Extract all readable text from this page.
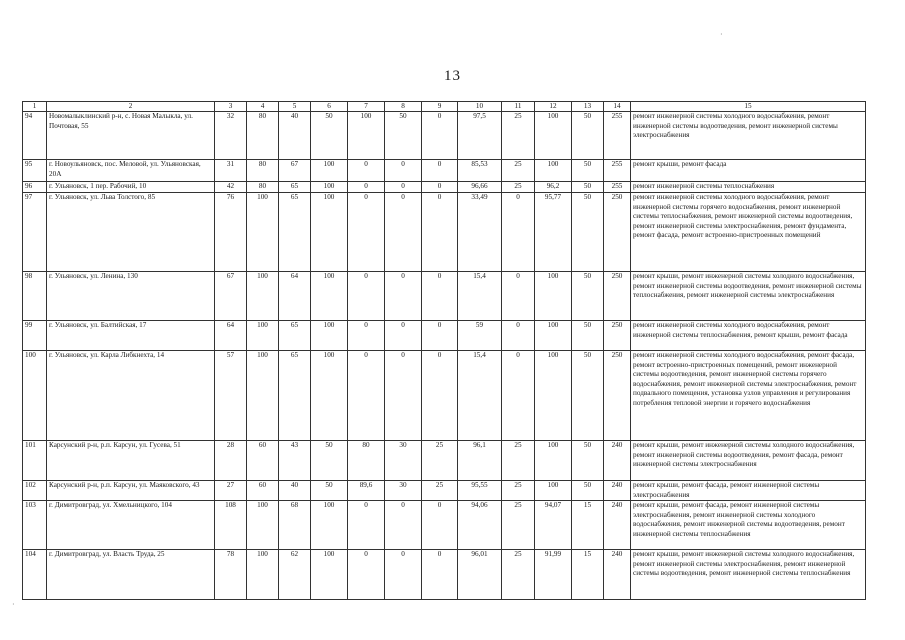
13
·
·
1	2	3	4	5	6	7	8	9	10	11	12	13	14	15
94	Новомалыклинский р-н, с. Новая Малыкла, ул. Почтовая, 55	32	80	40	50	100	50	0	97,5	25	100	50	255	ремонт инженерной системы холодного водоснабжения, ремонт инженерной системы водоотведения, ремонт инженерной системы электроснабжения
95	г. Новоульяновск, пос. Меловой, ул. Ульяновская, 20А	31	80	67	100	0	0	0	85,53	25	100	50	255	ремонт крыши, ремонт фасада
96	г. Ульяновск, 1 пер. Рабочий, 10	42	80	65	100	0	0	0	96,66	25	96,2	50	255	ремонт инженерной системы теплоснабжения
97	г. Ульяновск, ул. Льва Толстого, 85	76	100	65	100	0	0	0	33,49	0	95,77	50	250	ремонт инженерной системы холодного водоснабжения, ремонт инженерной системы горячего водоснабжения, ремонт инженерной системы теплоснабжения, ремонт инженерной системы водоотведения, ремонт инженерной системы электроснабжения, ремонт фундамента, ремонт фасада, ремонт встроенно-пристроенных помещений
98	г. Ульяновск, ул. Ленина, 130	67	100	64	100	0	0	0	15,4	0	100	50	250	ремонт крыши, ремонт инженерной системы холодного водоснабжения, ремонт инженерной системы водоотведения, ремонт инженерной системы теплоснабжения, ремонт инженерной системы электроснабжения
99	г. Ульяновск, ул. Балтийская, 17	64	100	65	100	0	0	0	59	0	100	50	250	ремонт инженерной системы холодного водоснабжения, ремонт инженерной системы теплоснабжения, ремонт крыши, ремонт фасада
100	г. Ульяновск, ул. Карла Либкнехта, 14	57	100	65	100	0	0	0	15,4	0	100	50	250	ремонт инженерной системы холодного водоснабжения, ремонт фасада, ремонт встроенно-пристроенных помещений, ремонт инженерной системы водоотведения, ремонт инженерной системы горячего водоснабжения, ремонт инженерной системы электроснабжения, ремонт подвального помещения, установка узлов управления и регулирования потребления тепловой энергии и горячего водоснабжения
101	Карсунский р-н, р.п. Карсун, ул. Гусева, 51	28	60	43	50	80	30	25	96,1	25	100	50	240	ремонт крыши, ремонт инженерной системы холодного водоснабжения, ремонт инженерной системы водоотведения, ремонт фасада, ремонт инженерной системы электроснабжения
102	Карсунский р-н, р.п. Карсун, ул. Маяковского, 43	27	60	40	50	89,6	30	25	95,55	25	100	50	240	ремонт крыши, ремонт фасада, ремонт инженерной системы электроснабжения
103	г. Димитровград, ул. Хмельницкого, 104	108	100	68	100	0	0	0	94,06	25	94,07	15	240	ремонт крыши, ремонт фасада, ремонт инженерной системы электроснабжения, ремонт инженерной системы холодного водоснабжения, ремонт инженерной системы водоотведения, ремонт инженерной системы теплоснабжения
104	г. Димитровград, ул. Власть Труда, 25	78	100	62	100	0	0	0	96,01	25	91,99	15	240	ремонт крыши, ремонт инженерной системы холодного водоснабжения, ремонт инженерной системы электроснабжения, ремонт инженерной системы водоотведения, ремонт инженерной системы теплоснабжения
